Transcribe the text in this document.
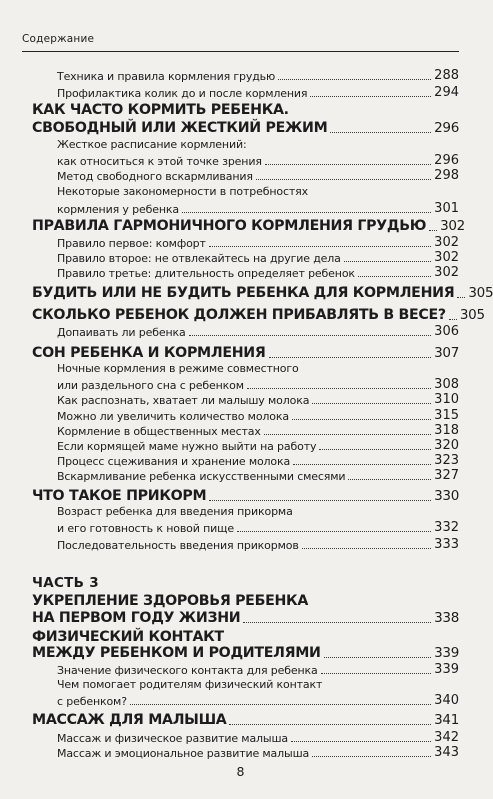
Содержание
Техника и правила кормления грудью	288
Профилактика колик до и после кормления	294
КАК ЧАСТО КОРМИТЬ РЕБЕНКА.
СВОБОДНЫЙ ИЛИ ЖЕСТКИЙ РЕЖИМ	296
Жесткое расписание кормлений:
как относиться к этой точке зрения	296
Метод свободного вскармливания	298
Некоторые закономерности в потребностях
кормления у ребенка	301
ПРАВИЛА ГАРМОНИЧНОГО КОРМЛЕНИЯ ГРУДЬЮ 302
Правило первое: комфорт	302
Правило второе: не отвлекайтесь на другие дела	302
Правило третье: длительность определяет ребенок	302
БУДИТЬ ИЛИ НЕ БУДИТЬ РЕБЕНКА ДЛЯ КОРМЛЕНИЯ 305
СКОЛЬКО РЕБЕНОК ДОЛЖЕН ПРИБАВЛЯТЬ В ВЕСЕ? 305
Допаивать ли ребенка	306
СОН РЕБЕНКА И КОРМЛЕНИЯ	307
Ночные кормления в режиме совместного
или раздельного сна с ребенком	308
Как распознать, хватает ли малышу молока	310
Можно ли увеличить количество молока	315
Кормление в общественных местах	318
Если кормящей маме нужно выйти на работу	320
Процесс сцеживания и хранение молока	323
Вскармливание ребенка искусственными смесями	327
ЧТО ТАКОЕ ПРИКОРМ	330
Возраст ребенка для введения прикорма
и его готовность к новой пище	332
Последовательность введения прикормов	333
УКРЕПЛЕНИЕ ЗДОРОВЬЯ РЕБЕНКА
НА ПЕРВОМ ГОДУ ЖИЗНИ	338
ФИЗИЧЕСКИЙ КОНТАКТ
МЕЖДУ РЕБЕНКОМ И РОДИТЕЛЯМИ	339
Значение физического контакта для ребенка	339
Чем помогает родителям физический контакт
с ребенком?	340
МАССАЖ ДЛЯ МАЛЫША	341
Массаж и физическое развитие малыша	342
Массаж и эмоциональное развитие малыша	343
ЧАСТЬ 3
8
